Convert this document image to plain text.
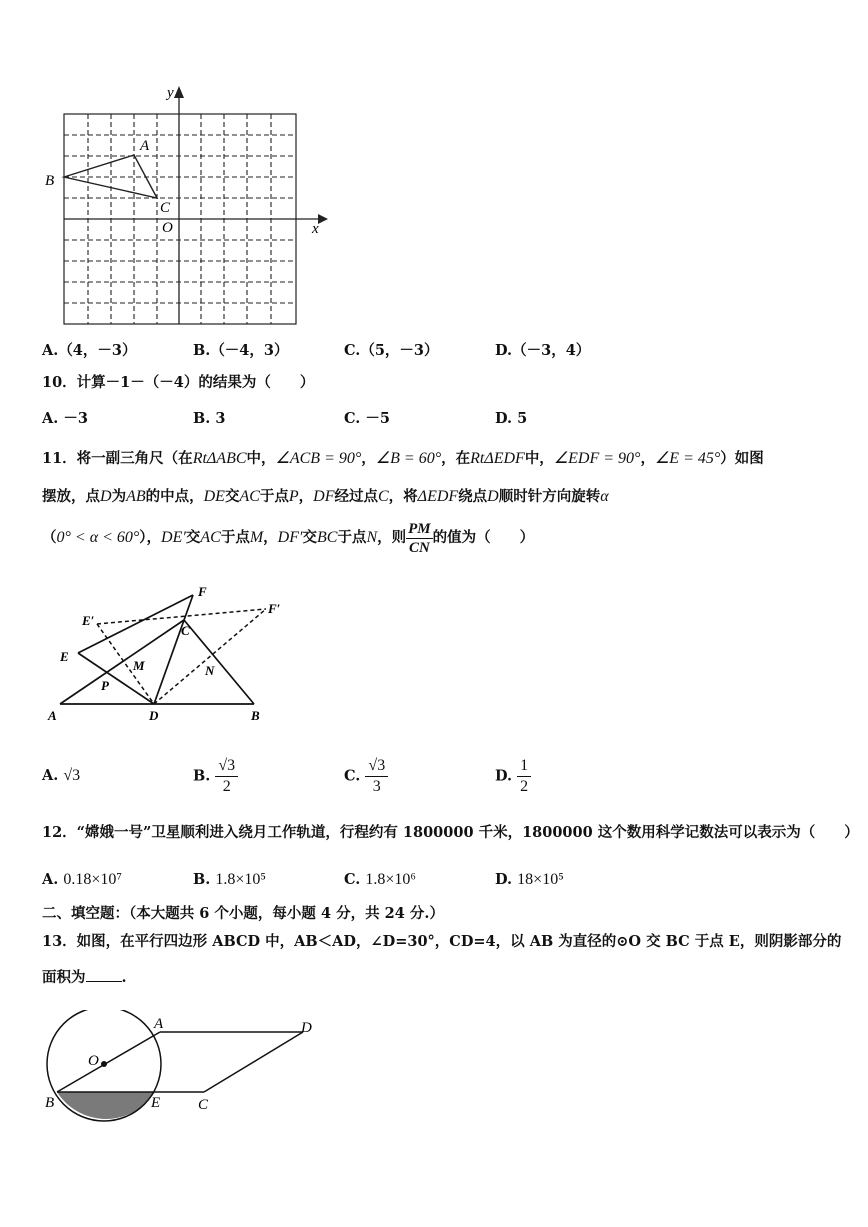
y
x
O
A
B
C
A.（4，－3）	B.（－4，3）	C.（5，－3）	D.（－3，4）
10．计算－1－（－4）的结果为（　　）
A. －3	B. 3	C. －5	D. 5
11．将一副三角尺（在RtΔABC中，∠ACB = 90°，∠B = 60°，在RtΔEDF中，∠EDF = 90°，∠E = 45°）如图
摆放，点D为AB的中点，DE交AC于点P，DF经过点C，将ΔEDF绕点D顺时针方向旋转α
（0° < α < 60°），DE′交AC于点M，DF′交BC于点N，则 $\frac{PM}{CN}$ 的值为（　　）
A	B
C
D
E
F
E′
F′
M	N
P
A. √3	B. $\frac{√3}{2}$	C. $\frac{√3}{3}$	D. $\frac{1}{2}$
12．“嫦娥一号”卫星顺利进入绕月工作轨道，行程约有 1800000 千米，1800000 这个数用科学记数法可以表示为（　　）
A. 0.18×10⁷	B. 1.8×10⁵	C. 1.8×10⁶	D. 18×10⁵
二、填空题：（本大题共 6 个小题，每小题 4 分，共 24 分.）
13．如图，在平行四边形 ABCD 中，AB＜AD，∠D=30°，CD=4，以 AB 为直径的⊙O 交 BC 于点 E，则阴影部分的
面积为 .
A
B	C
D
E
O
